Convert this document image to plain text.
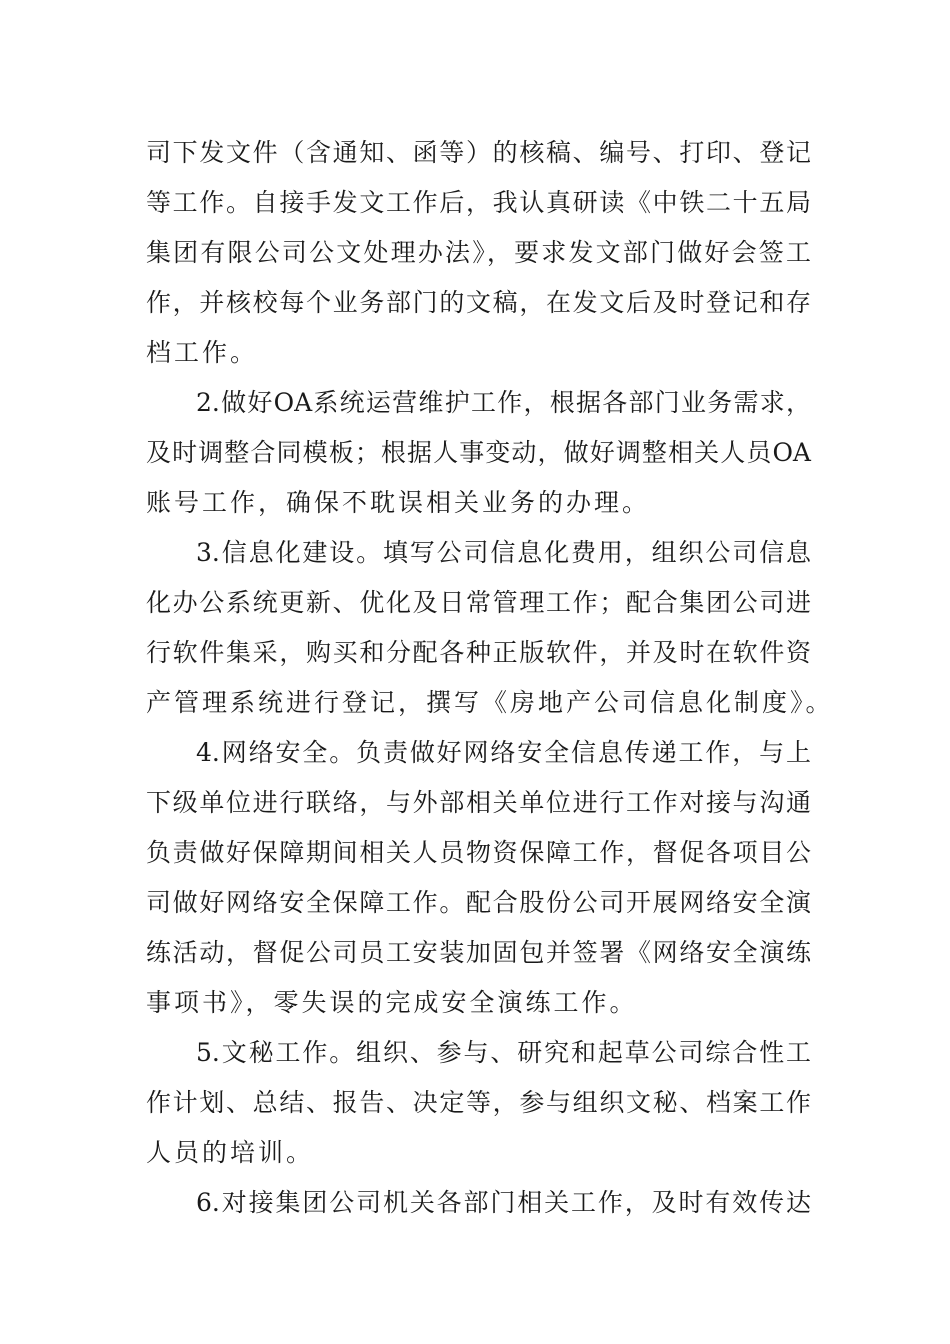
司下发文件（含通知、函等）的核稿、编号、打印、登记
等工作。自接手发文工作后，我认真研读《中铁二十五局
集团有限公司公文处理办法》，要求发文部门做好会签工
作，并核校每个业务部门的文稿，在发文后及时登记和存
档工作。
2.做好OA系统运营维护工作，根据各部门业务需求，
及时调整合同模板；根据人事变动，做好调整相关人员OA
账号工作，确保不耽误相关业务的办理。
3.信息化建设。填写公司信息化费用，组织公司信息
化办公系统更新、优化及日常管理工作；配合集团公司进
行软件集采，购买和分配各种正版软件，并及时在软件资
产管理系统进行登记，撰写《房地产公司信息化制度》。
4.网络安全。负责做好网络安全信息传递工作，与上
下级单位进行联络，与外部相关单位进行工作对接与沟通
负责做好保障期间相关人员物资保障工作，督促各项目公
司做好网络安全保障工作。配合股份公司开展网络安全演
练活动，督促公司员工安装加固包并签署《网络安全演练
事项书》，零失误的完成安全演练工作。
5.文秘工作。组织、参与、研究和起草公司综合性工
作计划、总结、报告、决定等，参与组织文秘、档案工作
人员的培训。
6.对接集团公司机关各部门相关工作，及时有效传达
